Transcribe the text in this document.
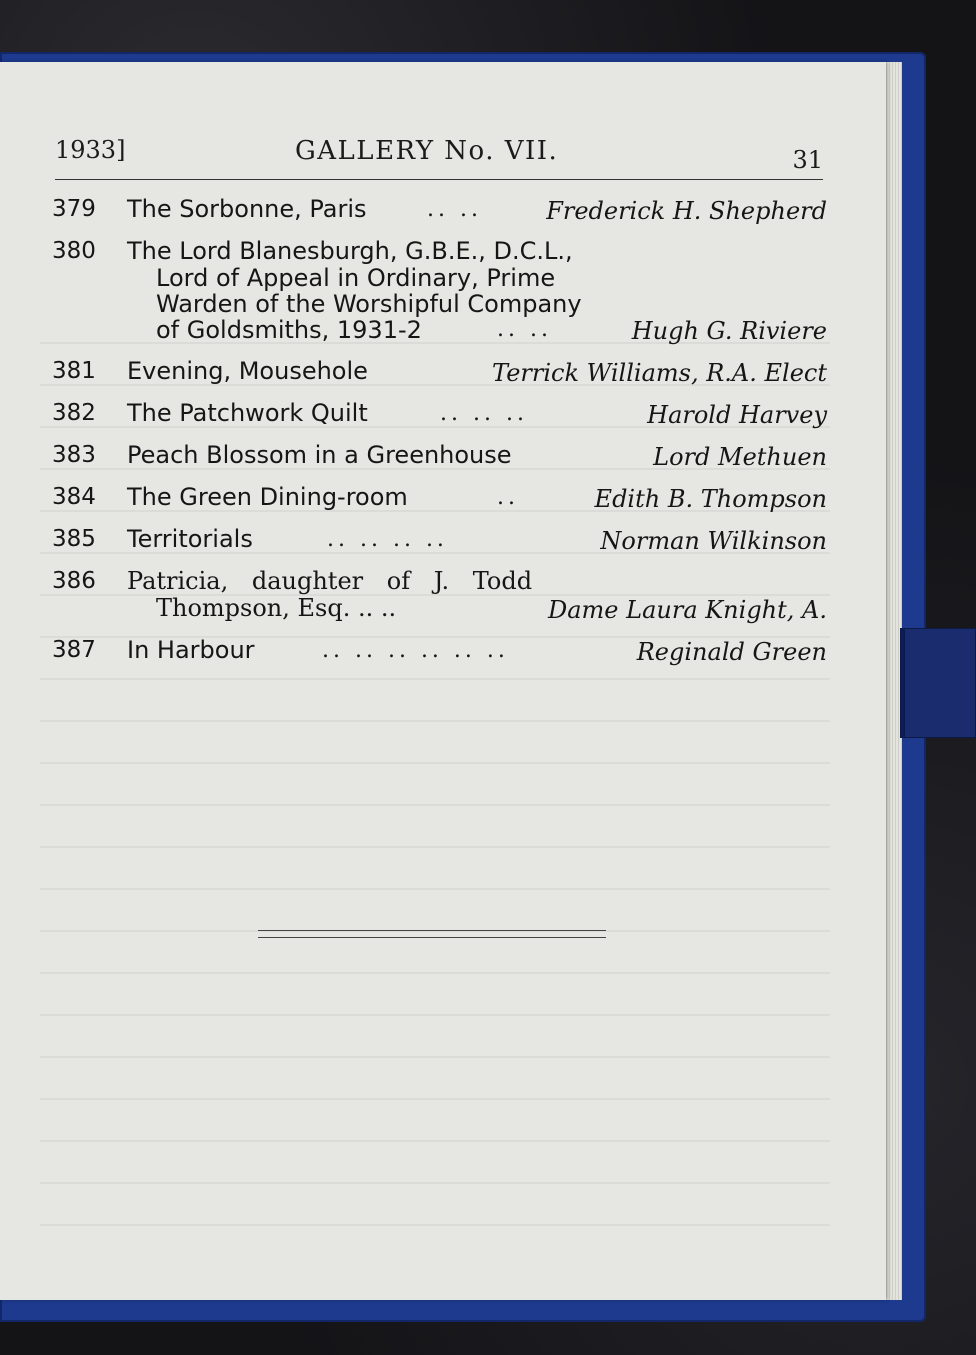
1933]	GALLERY No. VII.	31
379	The Sorbonne, Paris	.. ..	Frederick H. Shepherd
380	The Lord Blanesburgh, G.B.E., D.C.L.,
Lord of Appeal in Ordinary, Prime
Warden of the Worshipful Company
of Goldsmiths, 1931-2	.. ..	Hugh G. Riviere
381	Evening, Mousehole	Terrick Williams, R.A. Elect
382	The Patchwork Quilt	.. .. ..	Harold Harvey
383	Peach Blossom in a Greenhouse	Lord Methuen
384	The Green Dining-room	..	Edith B. Thompson
385	Territorials	.. .. .. ..	Norman Wilkinson
386	Patricia, daughter of J. Todd
Thompson, Esq. .. ..	Dame Laura Knight, A.
387	In Harbour	.. .. .. .. .. ..	Reginald Green
